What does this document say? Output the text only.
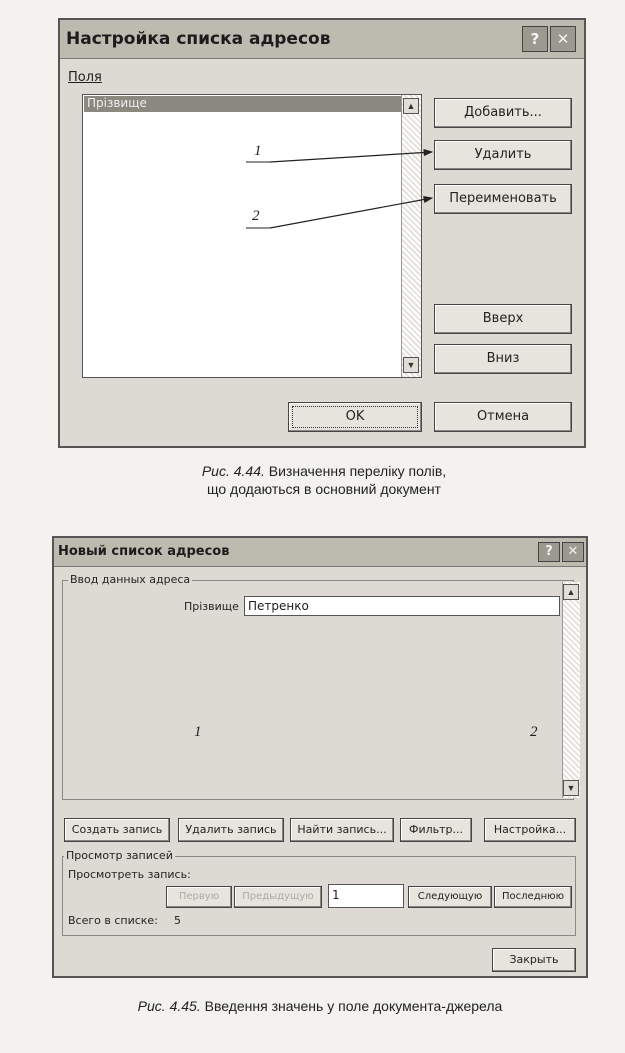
Настройка списка адресов	?	✕
Поля
Прізвище	▲
▼
Добавить...
Удалить
Переименовать
Вверх
Вниз
OK	Отмена
1
2
Рис. 4.44. Визначення переліку полів,
що додаються в основний документ
Новый список адресов	?	✕
Ввод данных адреса
▲
▼
Прізвище Петренко
1	2
Создать запись	Удалить запись	Найти запись...	Фильтр...	Настройка...
Просмотр записей
Просмотреть запись:
Первую	Предыдущую	1	Следующую	Последнюю
Всего в списке: 5
Закрыть
Рис. 4.45. Введення значень у поле документа-джерела
